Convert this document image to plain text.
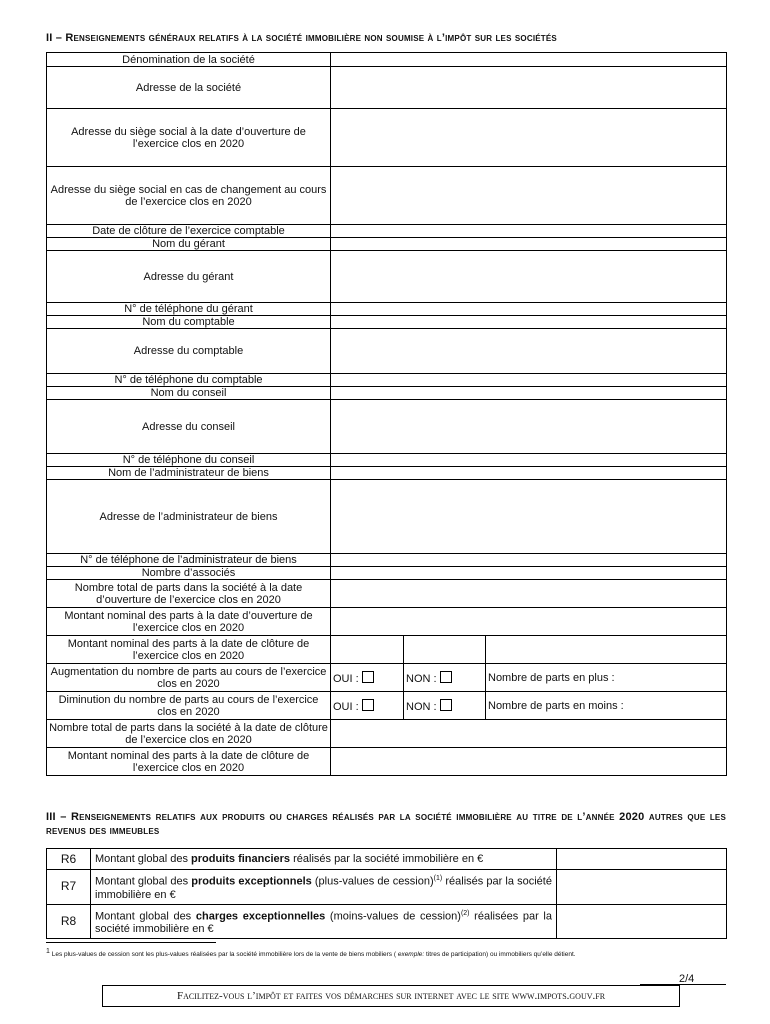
II – Renseignements généraux relatifs à la société immobilière non soumise à l’impôt sur les sociétés
Dénomination de la société			
Adresse de la société			
Adresse du siège social à la date d’ouverture de l’exercice clos en 2020			
Adresse du siège social en cas de changement au cours de l’exercice clos en 2020			
Date de clôture de l’exercice comptable			
Nom du gérant			
Adresse du gérant			
N° de téléphone du gérant			
Nom du comptable			
Adresse du comptable			
N° de téléphone du comptable			
Nom du conseil			
Adresse du conseil			
N° de téléphone du conseil			
Nom de l’administrateur de biens			
Adresse de l’administrateur de biens			
N° de téléphone de l’administrateur de biens			
Nombre d’associés			
Nombre total de parts dans la société à la date d’ouverture de l’exercice clos en 2020			
Montant nominal des parts à la date d’ouverture de l’exercice clos en 2020			
Montant nominal des parts à la date de clôture de l’exercice clos en 2020			
Augmentation du nombre de parts au cours de l’exercice clos en 2020	OUI :	NON :	Nombre de parts en plus :
Diminution du nombre de parts au cours de l’exercice clos en 2020	OUI :	NON :	Nombre de parts en moins :
Nombre total de parts dans la société à la date de clôture de l’exercice clos en 2020			
Montant nominal des parts à la date de clôture de l’exercice clos en 2020			
III – Renseignements relatifs aux produits ou charges réalisés par la société immobilière au titre de l’année 2020 autres que les revenus des immeubles
R6	Montant global des produits financiers réalisés par la société immobilière en €	
R7	Montant global des produits exceptionnels (plus-values de cession)$^{(1)}$ réalisés par la société immobilière en €	
R8	Montant global des charges exceptionnelles (moins-values de cession)$^{(2)}$ réalisées par la société immobilière en €	
$^1$ Les plus-values de cession sont les plus-values réalisées par la société immobilière lors de la vente de biens mobiliers ( exemple: titres de participation) ou immobiliers qu’elle détient.
2/4
Facilitez-vous l’impôt et faites vos démarches sur internet avec le site www.impots.gouv.fr
